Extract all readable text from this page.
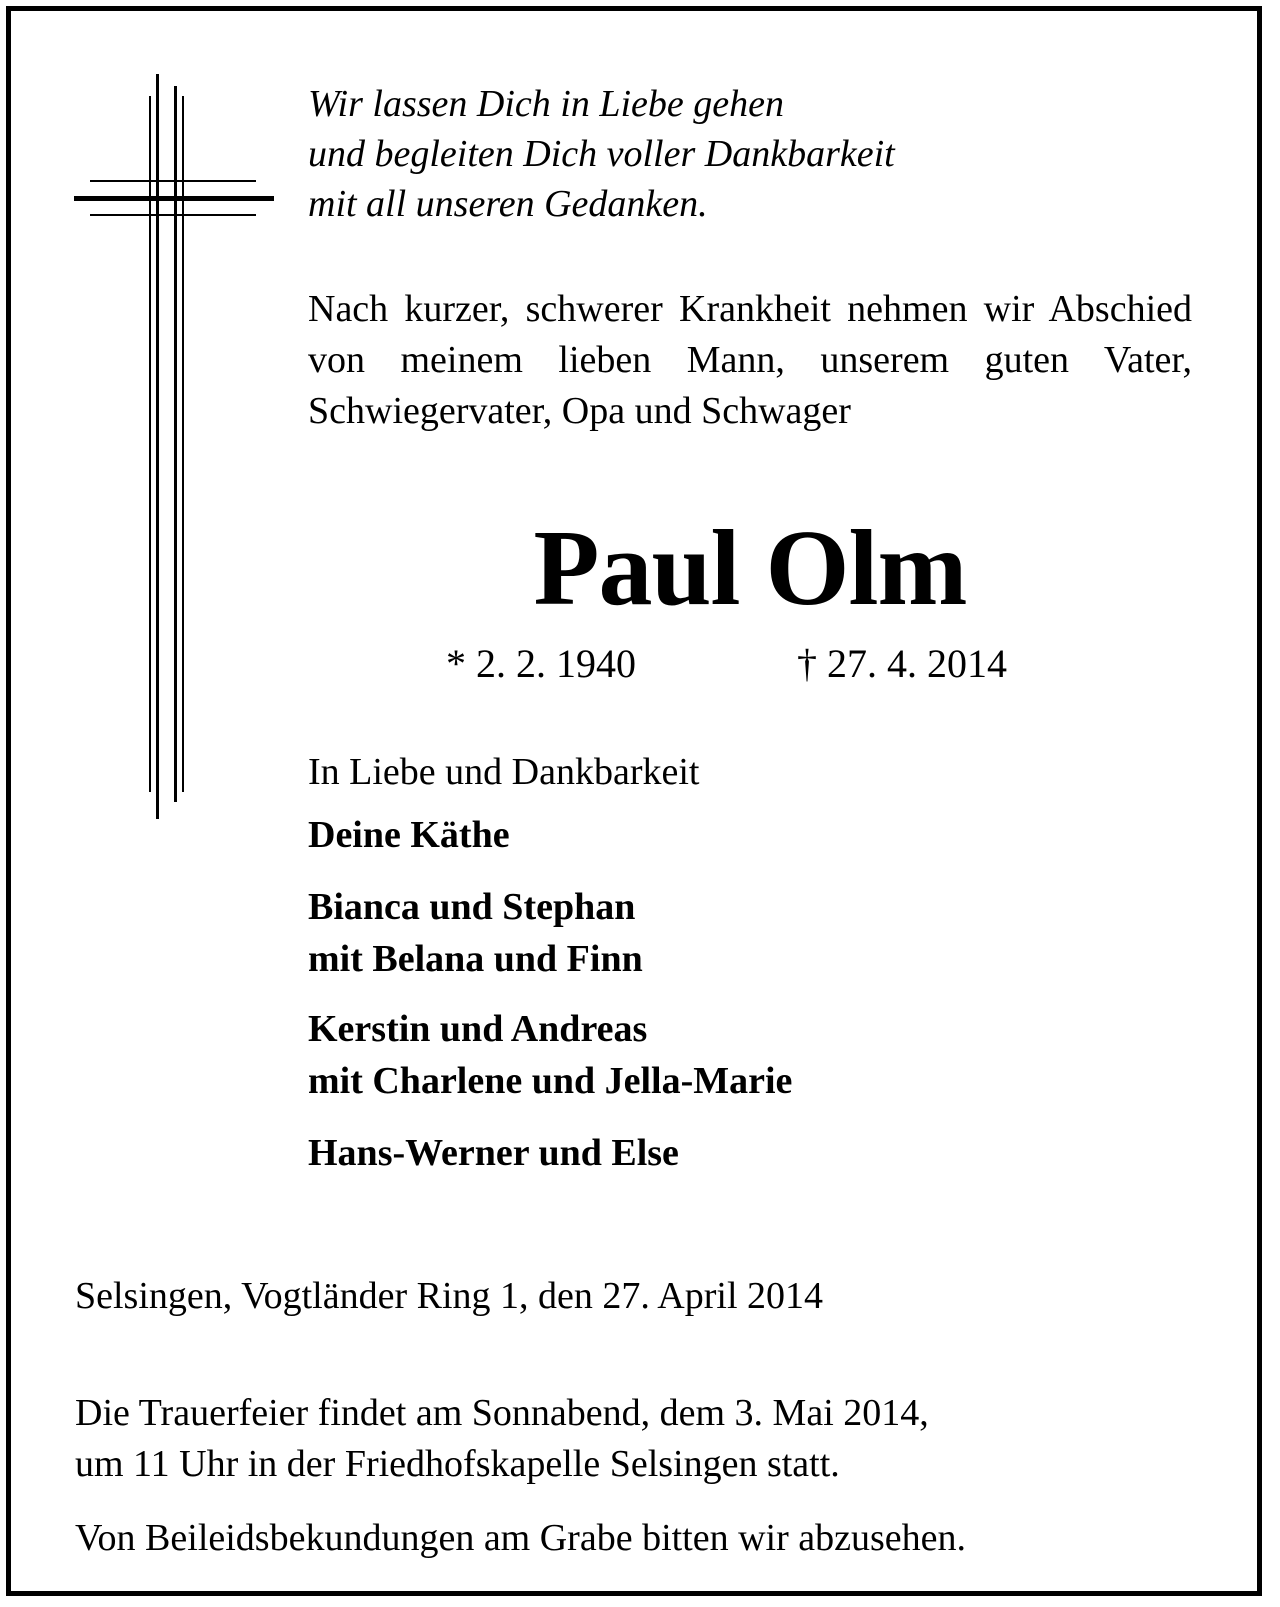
Wir lassen Dich in Liebe gehen
und begleiten Dich voller Dankbarkeit
mit all unseren Gedanken.
Nach kurzer, schwerer Krankheit nehmen wir Abschied von meinem lieben Mann, unserem guten Vater, Schwiegervater, Opa und Schwager
Paul Olm
* 2. 2. 1940	† 27. 4. 2014
In Liebe und Dankbarkeit
Deine Käthe
Bianca und Stephan
mit Belana und Finn
Kerstin und Andreas
mit Charlene und Jella-Marie
Hans-Werner und Else
Selsingen, Vogtländer Ring 1, den 27. April 2014
Die Trauerfeier findet am Sonnabend, dem 3. Mai 2014,
um 11 Uhr in der Friedhofskapelle Selsingen statt.
Von Beileidsbekundungen am Grabe bitten wir abzusehen.
